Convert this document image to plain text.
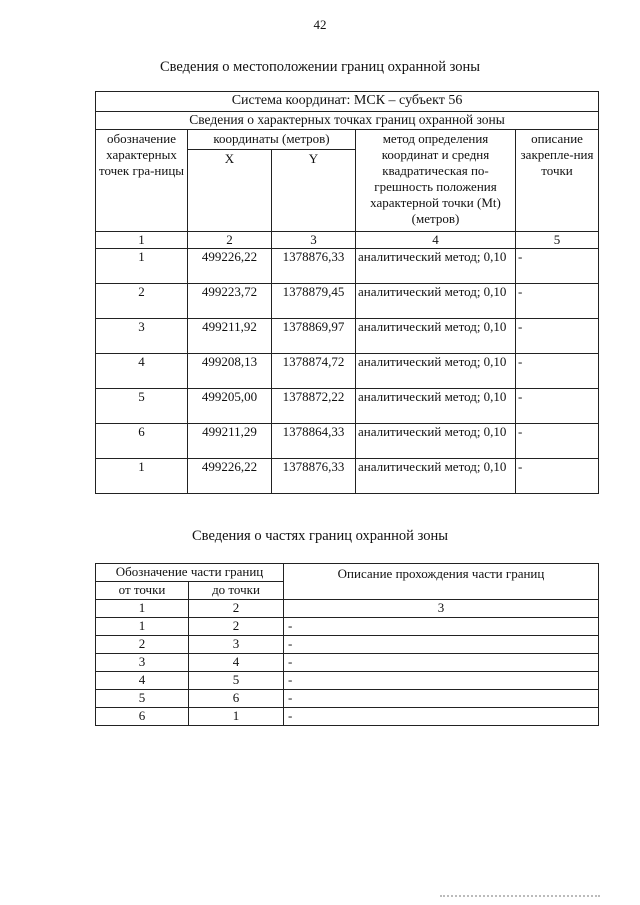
42
Сведения о местоположении границ охранной зоны
Система координат: МСК – субъект 56				
Сведения о характерных точках границ охранной зоны				
обозначение характерных точек гра-ницы	координаты (метров)		метод определения координат и средня квадратическая по-грешность положения характерной точки (Mt) (метров)	описание закрепле-ния точки
	X	Y		
1	2	3	4	5
1	499226,22	1378876,33	аналитический метод; 0,10	-
2	499223,72	1378879,45	аналитический метод; 0,10	-
3	499211,92	1378869,97	аналитический метод; 0,10	-
4	499208,13	1378874,72	аналитический метод; 0,10	-
5	499205,00	1378872,22	аналитический метод; 0,10	-
6	499211,29	1378864,33	аналитический метод; 0,10	-
1	499226,22	1378876,33	аналитический метод; 0,10	-
Сведения о частях границ охранной зоны
Обозначение части границ		Описание прохождения части границ
от точки	до точки	
1	2	3
1	2	-
2	3	-
3	4	-
4	5	-
5	6	-
6	1	-
